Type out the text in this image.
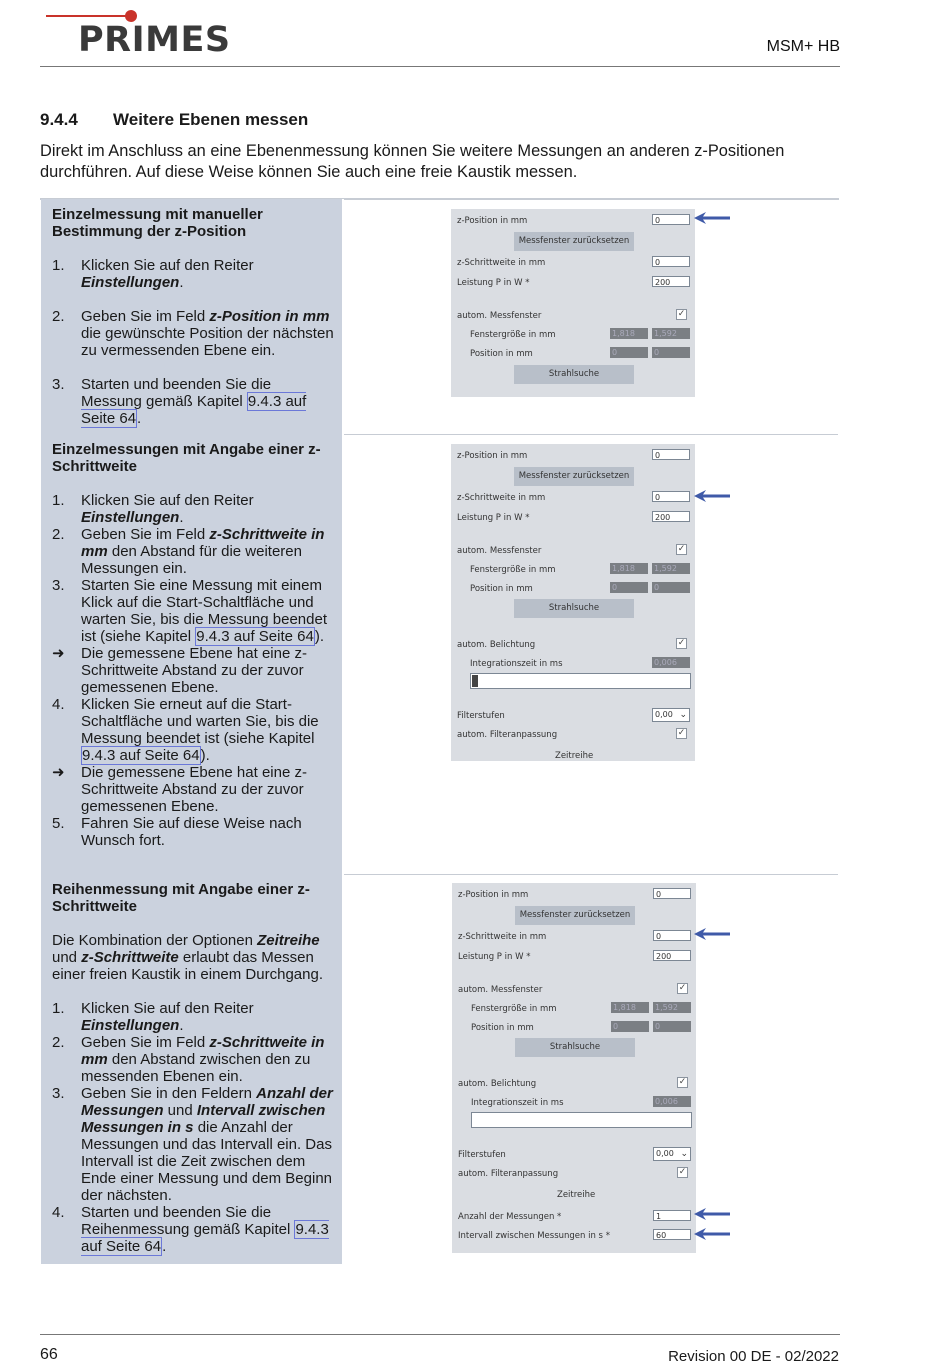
PRIMES	MSM+ HB
9.4.4 Weitere Ebenen messen
Direkt im Anschluss an eine Ebenenmessung können Sie weitere Messungen an anderen z-Positionen durchführen. Auf diese Weise können Sie auch eine freie Kaustik messen.
Einzelmessung mit manueller Bestimmung der z-Position
1. Klicken Sie auf den Reiter Einstellungen.
2. Geben Sie im Feld z-Position in mm die gewünschte Position der nächsten zu vermessenden Ebene ein.
3. Starten und beenden Sie die Messung gemäß Kapitel 9.4.3 auf Seite 64.
z-Position in mm	0
Messfenster zurücksetzen
z-Schrittweite in mm	0
Leistung P in W *	200
autom. Messfenster	✓
Fenstergröße in mm	1,818	1,592
Position in mm	0	0
Strahlsuche
Einzelmessungen mit Angabe einer z-Schrittweite
1. Klicken Sie auf den Reiter Einstellungen.
2. Geben Sie im Feld z-Schrittweite in mm den Abstand für die weiteren Messungen ein.
3. Starten Sie eine Messung mit einem Klick auf die Start-Schaltfläche und warten Sie, bis die Messung beendet ist (siehe Kapitel 9.4.3 auf Seite 64).
➜ Die gemessene Ebene hat eine z-Schrittweite Abstand zu der zuvor gemessenen Ebene.
4. Klicken Sie erneut auf die Start-Schaltfläche und warten Sie, bis die Messung beendet ist (siehe Kapitel 9.4.3 auf Seite 64).
➜ Die gemessene Ebene hat eine z-Schrittweite Abstand zu der zuvor gemessenen Ebene.
5. Fahren Sie auf diese Weise nach Wunsch fort.
z-Position in mm	0
Messfenster zurücksetzen
z-Schrittweite in mm	0
Leistung P in W *	200
autom. Messfenster	✓
Fenstergröße in mm	1,818	1,592
Position in mm	0	0
Strahlsuche
autom. Belichtung	✓
Integrationszeit in ms	0,006
Filterstufen	0,00 ⌄
autom. Filteranpassung	✓
Zeitreihe
Reihenmessung mit Angabe einer z-Schrittweite
Die Kombination der Optionen Zeitreihe und z-Schrittweite erlaubt das Messen einer freien Kaustik in einem Durchgang.
1. Klicken Sie auf den Reiter Einstellungen.
2. Geben Sie im Feld z-Schrittweite in mm den Abstand zwischen den zu messenden Ebenen ein.
3. Geben Sie in den Feldern Anzahl der Messungen und Intervall zwischen Messungen in s die Anzahl der Messungen und das Intervall ein. Das Intervall ist die Zeit zwischen dem Ende einer Messung und dem Beginn der nächsten.
4. Starten und beenden Sie die Reihenmessung gemäß Kapitel 9.4.3 auf Seite 64.
z-Position in mm	0
Messfenster zurücksetzen
z-Schrittweite in mm	0
Leistung P in W *	200
autom. Messfenster	✓
Fenstergröße in mm	1,818	1,592
Position in mm	0	0
Strahlsuche
autom. Belichtung	✓
Integrationszeit in ms	0,006
Filterstufen	0,00 ⌄
autom. Filteranpassung	✓
Zeitreihe
Anzahl der Messungen *	1
Intervall zwischen Messungen in s *	60
66	Revision 00 DE - 02/2022
